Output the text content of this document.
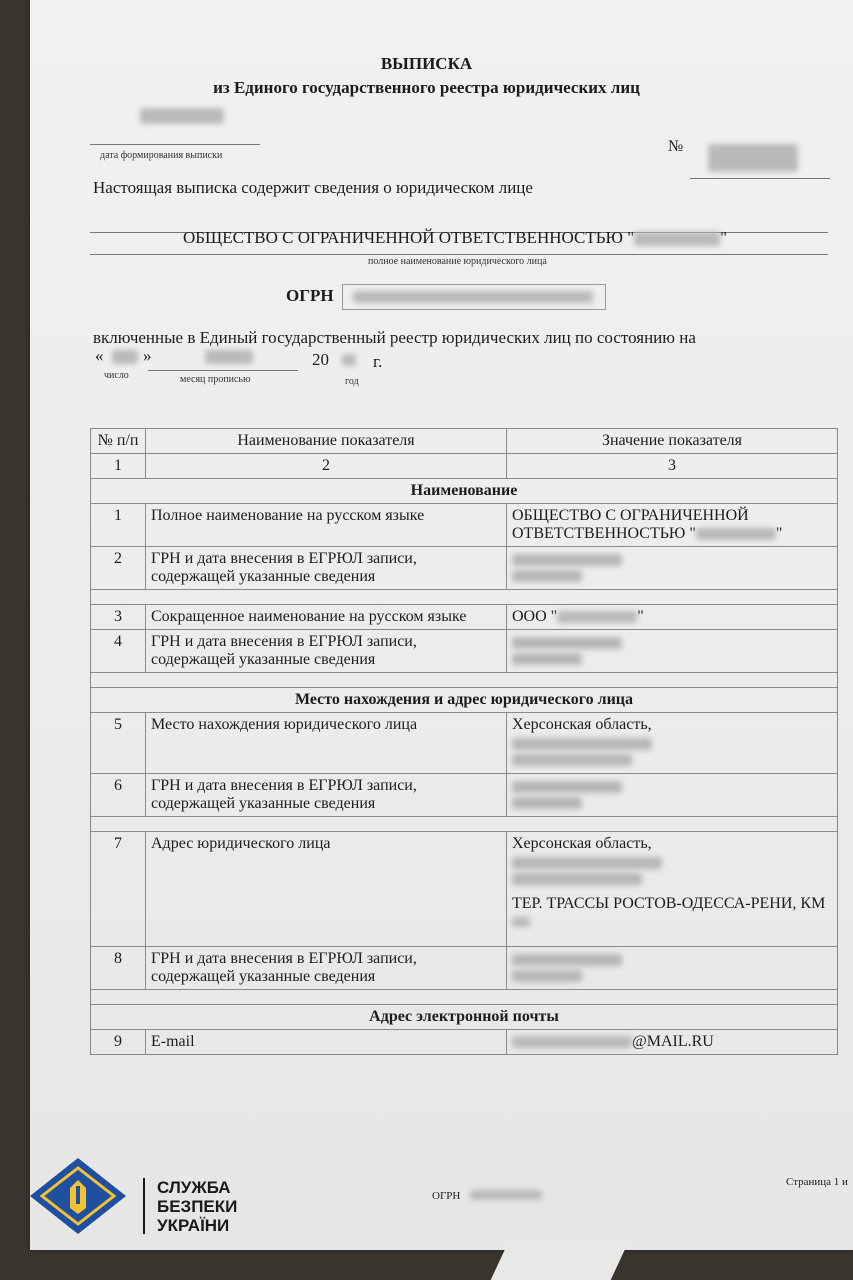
ВЫПИСКА
из Единого государственного реестра юридических лиц
дата формирования выписки
№
Настоящая выписка содержит сведения о юридическом лице
ОБЩЕСТВО С ОГРАНИЧЕННОЙ ОТВЕТСТВЕННОСТЬЮ "	"
полное наименование юридического лица
ОГРН
включенные в Единый государственный реестр юридических лиц по состоянию на
« »	20	г.
число	месяц прописью	год
№ п/п	Наименование показателя	Значение показателя
1	2	3
Наименование		
1	Полное наименование на русском языке	ОБЩЕСТВО С ОГРАНИЧЕННОЙ ОТВЕТСТВЕННОСТЬЮ " "
2	ГРН и дата внесения в ЕГРЮЛ записи, содержащей указанные сведения	

3	Сокращенное наименование на русском языке	ООО " "
4	ГРН и дата внесения в ЕГРЮЛ записи, содержащей указанные сведения	

Место нахождения и адрес юридического лица		
5	Место нахождения юридического лица	Херсонская область,

6	ГРН и дата внесения в ЕГРЮЛ записи, содержащей указанные сведения	

7	Адрес юридического лица	Херсонская область,
ТЕР. ТРАССЫ РОСТОВ-ОДЕССА-РЕНИ, КМ

8	ГРН и дата внесения в ЕГРЮЛ записи, содержащей указанные сведения	

Адрес электронной почты		
9	E-mail	@MAIL.RU
СЛУЖБА
БЕЗПЕКИ
УКРАЇНИ
ОГРН
Страница 1 и
